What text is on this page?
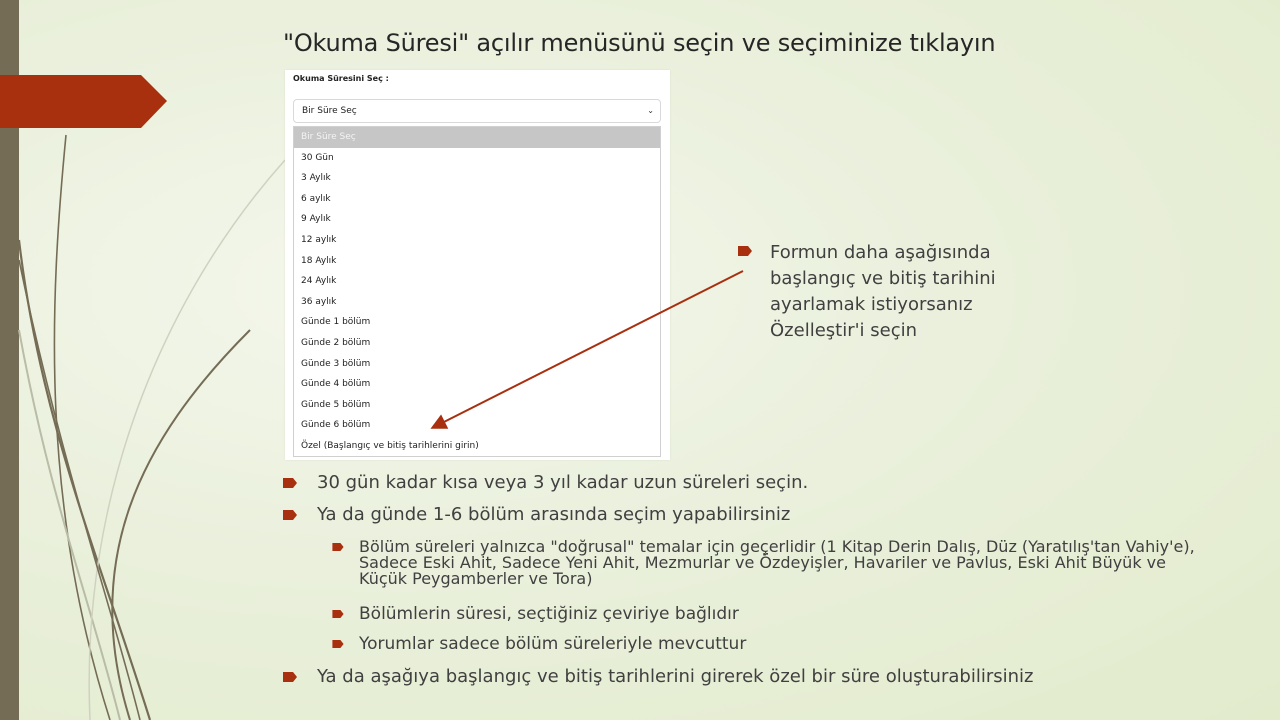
"Okuma Süresi" açılır menüsünü seçin ve seçiminize tıklayın
Okuma Süresini Seç :
Bir Süre Seç	⌄
Bir Süre Seç
30 Gün
3 Aylık
6 aylık
9 Aylık
12 aylık
18 Aylık
24 Aylık
36 aylık
Günde 1 bölüm
Günde 2 bölüm
Günde 3 bölüm
Günde 4 bölüm
Günde 5 bölüm
Günde 6 bölüm
Özel (Başlangıç ve bitiş tarihlerini girin)
Formun daha aşağısında başlangıç ve bitiş tarihini ayarlamak istiyorsanız Özelleştir'i seçin
30 gün kadar kısa veya 3 yıl kadar uzun süreleri seçin.
Ya da günde 1-6 bölüm arasında seçim yapabilirsiniz
Bölüm süreleri yalnızca "doğrusal" temalar için geçerlidir (1 Kitap Derin Dalış, Düz (Yaratılış'tan Vahiy'e), Sadece Eski Ahit, Sadece Yeni Ahit, Mezmurlar ve Özdeyişler, Havariler ve Pavlus, Eski Ahit Büyük ve Küçük Peygamberler ve Tora)
Bölümlerin süresi, seçtiğiniz çeviriye bağlıdır
Yorumlar sadece bölüm süreleriyle mevcuttur
Ya da aşağıya başlangıç ve bitiş tarihlerini girerek özel bir süre oluşturabilirsiniz
